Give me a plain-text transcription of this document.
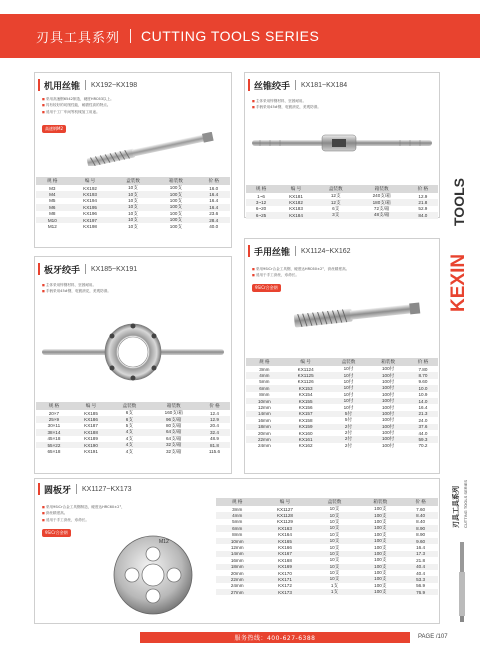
刃具工具系列 CUTTING TOOLS SERIES
机用丝锥 KX192~KX198
■ 采用高速钢6542制造，硬度HRC63以上。
■ 具有较好的切削性能，耐磨性高的特点。
■ 适用于工厂车间等机械加工用途。
高速钢M2
规 格	编 号	盒装数	箱装数	价 格
M3	KX192	10支	100支	16.0
M4	KX193	10支	100支	16.4
M5	KX194	10支	100支	16.4
M6	KX195	10支	100支	16.4
M8	KX196	10支	100支	23.6
M10	KX197	10支	100支	28.4
M12	KX198	10支	100支	40.0
丝锥绞手 KX181~KX184
■ 主体采用锌钢材料，坚固耐用。
■ 手柄采用45#钢，电镀滚花，美观防滑。
规 格	编 号	盒装数	箱装数	价 格
1~6	KX181	12支	240支/箱	12.9
3~12	KX182	12支	180支/箱	21.8
6~20	KX183	6支	72支/箱	52.9
6~25	KX184	3支	48支/箱	84.0
板牙绞手 KX185~KX191
■ 主体采用锌钢材料，坚固耐用。
■ 手柄采用45#钢，电镀滚花，美观防滑。
规 格	编 号	盒装数	箱装数	价 格
20×7	KX185	6支	160支/箱	12.4
25×9	KX186	6支	96支/箱	12.9
30×11	KX187	5支	80支/箱	20.4
38×14	KX188	4支	64支/箱	32.4
45×18	KX189	4支	64支/箱	48.9
55×22	KX190	4支	32支/箱	81.8
65×18	KX191	4支	32支/箱	115.6
手用丝锥 KX1124~KX162
■ 采用9SiCr合金工具钢，硬度达HRC60±2°，套丝精度高。
■ 适用于手工套丝，寿命长。
9SiCr合金钢
规 格	编 号	盒装数	箱装数	价 格
3mm	KX1124	10付	100付	7.80
4mm	KX1125	10付	100付	8.70
5mm	KX1126	10付	100付	9.60
6mm	KX153	10付	100付	10.0
8mm	KX154	10付	100付	10.9
10mm	KX155	10付	100付	14.0
12mm	KX156	10付	100付	16.4
14mm	KX157	5付	100付	21.3
16mm	KX158	5付	100付	24.0
18mm	KX159	2付	100付	37.6
20mm	KX160	2付	100付	44.0
22mm	KX161	2付	100付	59.3
24mm	KX162	2付	100付	70.2
圆板牙 KX1127~KX173
■ 采用9SiCr合金工具钢制造，硬度达HRC60±2°，
■ 套丝精度高。
■ 适用于手工套丝，寿命长。
9SiCr合金钢
M12
规 格	编 号	盒装数	箱装数	价 格
3mm	KX1127	10支	100支	7.60
4mm	KX1128	10支	100支	8.40
5mm	KX1129	10支	100支	8.40
6mm	KX163	10支	100支	8.90
8mm	KX164	10支	100支	8.90
10mm	KX165	10支	100支	9.60
12mm	KX166	10支	100支	16.4
14mm	KX167	10支	100支	17.3
16mm	KX168	10支	100支	21.8
18mm	KX169	10支	100支	40.4
20mm	KX170	10支	100支	40.4
22mm	KX171	10支	100支	53.3
24mm	KX172	1支	100支	56.9
27mm	KX173	1支	100支	76.9
KEXIN
TOOLS
刃具工具系列 CUTTING TOOLS SERIES
服务热线：400-627-6388	PAGE /107
